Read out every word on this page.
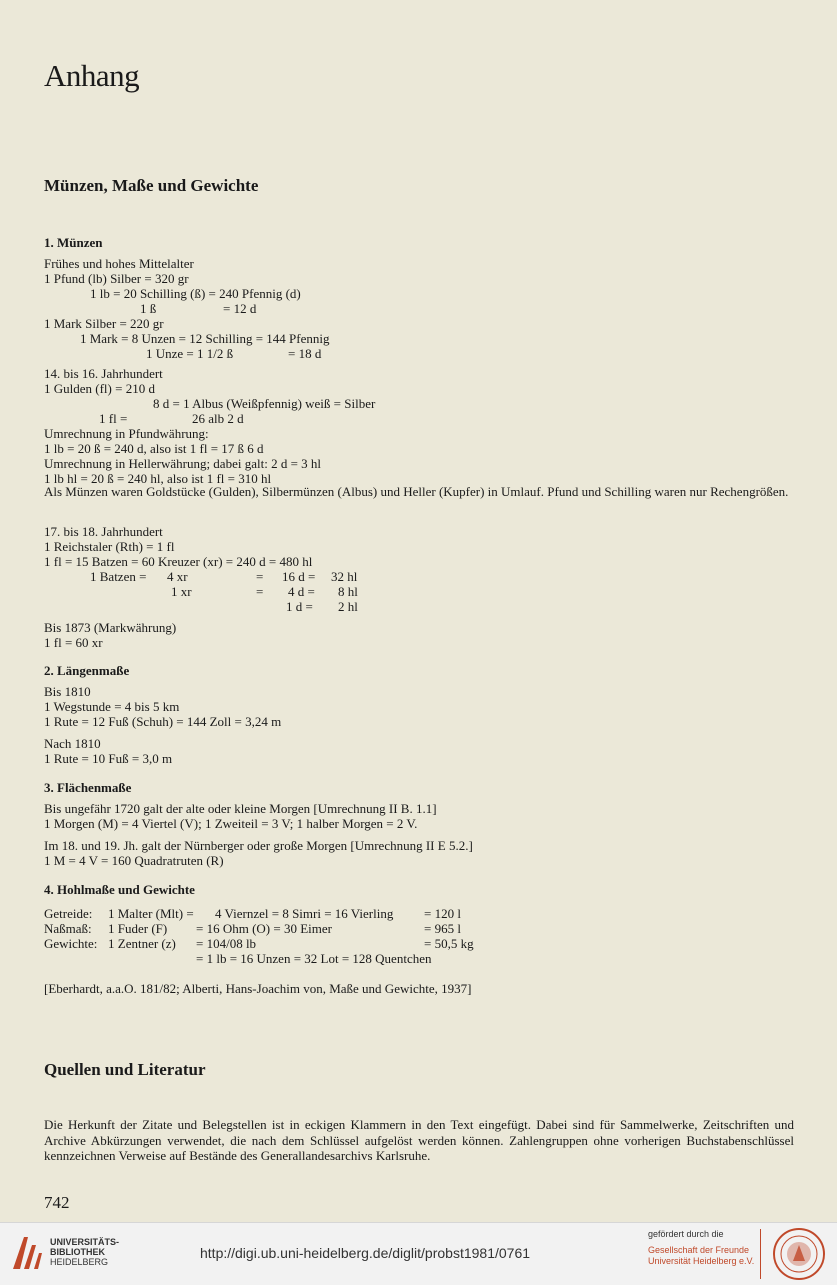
Anhang
Münzen, Maße und Gewichte
1. Münzen
Frühes und hohes Mittelalter
1 Pfund (lb) Silber = 320 gr
1 lb = 20 Schilling (ß) = 240 Pfennig (d)
1 ß	= 12 d
1 Mark Silber = 220 gr
1 Mark = 8 Unzen = 12 Schilling = 144 Pfennig
1 Unze = 1 1/2 ß	= 18 d
14. bis 16. Jahrhundert
1 Gulden (fl) = 210 d
8 d = 1 Albus (Weißpfennig) weiß = Silber
1 fl =	26 alb 2 d
Umrechnung in Pfundwährung:
1 lb = 20 ß = 240 d, also ist 1 fl = 17 ß 6 d
Umrechnung in Hellerwährung; dabei galt: 2 d = 3 hl
1 lb hl = 20 ß = 240 hl, also ist 1 fl = 310 hl
Als Münzen waren Goldstücke (Gulden), Silbermünzen (Albus) und Heller (Kupfer) in Umlauf. Pfund und Schilling waren nur Rechengrößen.
17. bis 18. Jahrhundert
1 Reichstaler (Rth) = 1 fl
1 fl = 15 Batzen = 60 Kreuzer (xr) = 240 d = 480 hl
1 Batzen = 4 xr	= 16 d = 32 hl
1 xr	= 4 d = 8 hl
1 d = 2 hl
Bis 1873 (Markwährung)
1 fl = 60 xr
2. Längenmaße
Bis 1810
1 Wegstunde = 4 bis 5 km
1 Rute = 12 Fuß (Schuh) = 144 Zoll = 3,24 m
Nach 1810
1 Rute = 10 Fuß = 3,0 m
3. Flächenmaße
Bis ungefähr 1720 galt der alte oder kleine Morgen [Umrechnung II B. 1.1]
1 Morgen (M) = 4 Viertel (V); 1 Zweiteil = 3 V; 1 halber Morgen = 2 V.
Im 18. und 19. Jh. galt der Nürnberger oder große Morgen [Umrechnung II E 5.2.]
1 M = 4 V = 160 Quadratruten (R)
4. Hohlmaße und Gewichte
Getreide: 1 Malter (Mlt) = 4 Viernzel = 8 Simri = 16 Vierling = 120 l
Naßmaß: 1 Fuder (F) = 16 Ohm (O) = 30 Eimer	= 965 l
Gewichte: 1 Zentner (z) = 104/08 lb	= 50,5 kg
= 1 lb = 16 Unzen = 32 Lot = 128 Quentchen
[Eberhardt, a.a.O. 181/82; Alberti, Hans-Joachim von, Maße und Gewichte, 1937]
Quellen und Literatur
Die Herkunft der Zitate und Belegstellen ist in eckigen Klammern in den Text eingefügt. Dabei sind für Sammelwerke, Zeitschriften und Archive Abkürzungen verwendet, die nach dem Schlüssel aufgelöst werden können. Zahlengruppen ohne vorherigen Buchstabenschlüssel kennzeichnen Verweise auf Bestände des Generallandesarchivs Karlsruhe.
742
UNIVERSITÄTS-
BIBLIOTHEK
HEIDELBERG
http://digi.ub.uni-heidelberg.de/diglit/probst1981/0761
gefördert durch die
Gesellschaft der Freunde
Universität Heidelberg e.V.
